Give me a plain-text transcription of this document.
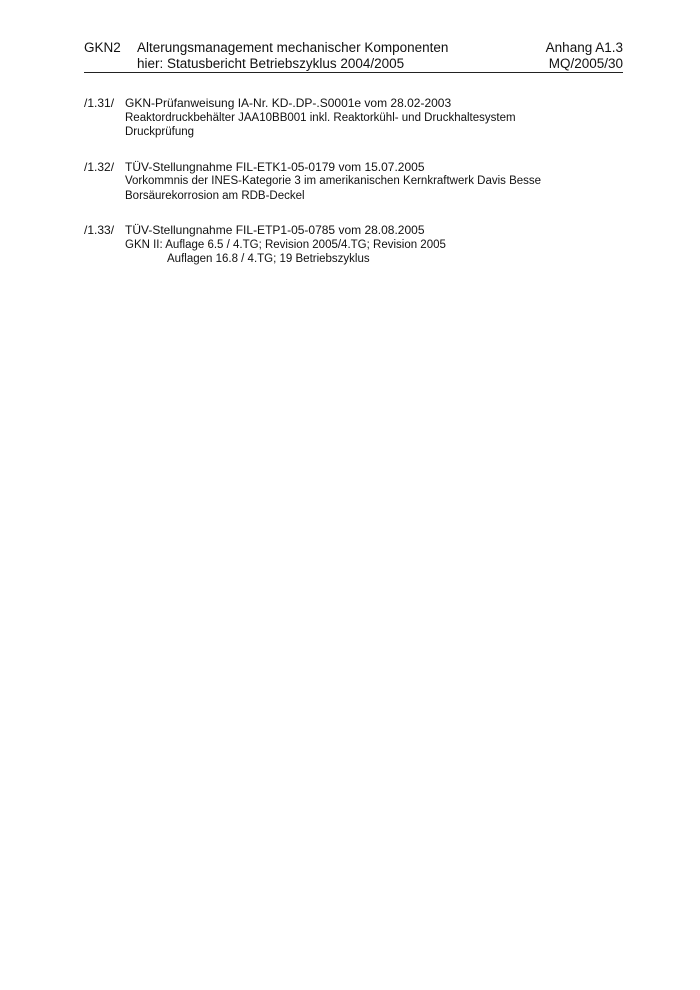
GKN2 Alterungsmanagement mechanischer Komponenten
hier: Statusbericht Betriebszyklus 2004/2005
Anhang A1.3
MQ/2005/30
/1.31/ GKN-Prüfanweisung IA-Nr. KD-.DP-.S0001e vom 28.02-2003
Reaktordruckbehälter JAA10BB001 inkl. Reaktorkühl- und Druckhaltesystem
Druckprüfung
/1.32/ TÜV-Stellungnahme FIL-ETK1-05-0179 vom 15.07.2005
Vorkommnis der INES-Kategorie 3 im amerikanischen Kernkraftwerk Davis Besse
Borsäurekorrosion am RDB-Deckel
/1.33/ TÜV-Stellungnahme FIL-ETP1-05-0785 vom 28.08.2005
GKN II: Auflage 6.5 / 4.TG; Revision 2005/4.TG; Revision 2005
Auflagen 16.8 / 4.TG; 19 Betriebszyklus
